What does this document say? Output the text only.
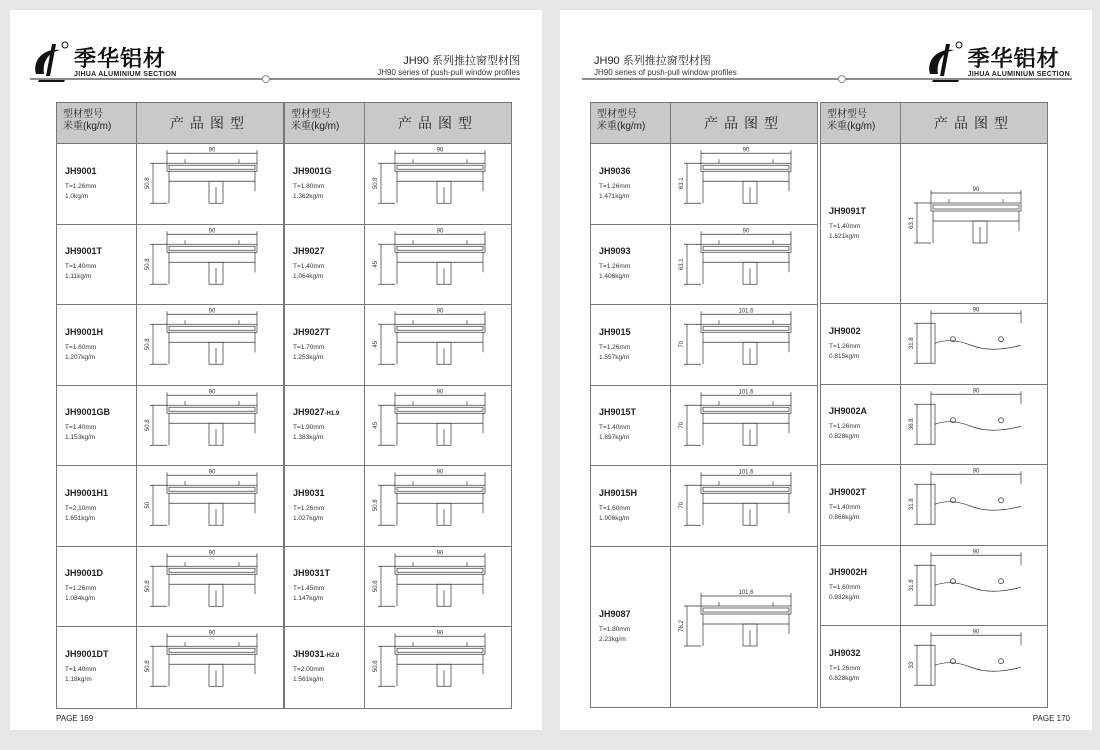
季华铝材
JIHUA ALUMINIUM SECTION
JH90 系列推拉窗型材图
JH90 series of push-pull window profiles
型材型号
米重(kg/m)	产品图型
JH9001
T=1.26mm
1.0kg/m
90
50.8
JH9001T
T=1.40mm
1.11kg/m
90
50.8
JH9001H
T=1.60mm
1.207kg/m
90
50.8
JH9001GB
T=1.40mm
1.153kg/m
90
50.8
JH9001H1
T=2.10mm
1.651kg/m
90
50
JH9001D
T=1.26mm
1.084kg/m
90
50.8
JH9001DT
T=1.40mm
1.18kg/m
90
50.8
型材型号
米重(kg/m)	产品图型
JH9001G
T=1.80mm
1.362kg/m
90
50.8
JH9027
T=1.40mm
1.064kg/m
90
45
JH9027T
T=1.70mm
1.253kg/m
90
45
JH9027-H1.9
T=1.90mm
1.383kg/m
90
45
JH9031
T=1.26mm
1.027kg/m
90
50.8
JH9031T
T=1.45mm
1.147kg/m
90
50.8
JH9031-H2.0
T=2.00mm
1.561kg/m
90
50.8
PAGE 169
JH90 系列推拉窗型材图
JH90 series of push-pull window profiles
季华铝材
JIHUA ALUMINIUM SECTION
型材型号
米重(kg/m)	产品图型
JH9036
T=1.26mm
1.471kg/m
90
63.1
JH9093
T=1.26mm
1.406kg/m
90
63.1
JH9015
T=1.26mm
1.557kg/m
101.6
70
JH9015T
T=1.40mm
1.697kg/m
101.6
70
JH9015H
T=1.60mm
1.906kg/m
101.6
70
JH9087
T=1.80mm
2.23kg/m
101.6
76.2
型材型号
米重(kg/m)	产品图型
JH9091T
T=1.40mm
1.621kg/m
90
63.1
JH9002
T=1.26mm
0.815kg/m
90
31.8
JH9002A
T=1.26mm
0.828kg/m
90
36.8
JH9002T
T=1.40mm
0.866kg/m
90
31.8
JH9002H
T=1.60mm
0.932kg/m
90
31.8
JH9032
T=1.26mm
0.828kg/m
90
33
PAGE 170
